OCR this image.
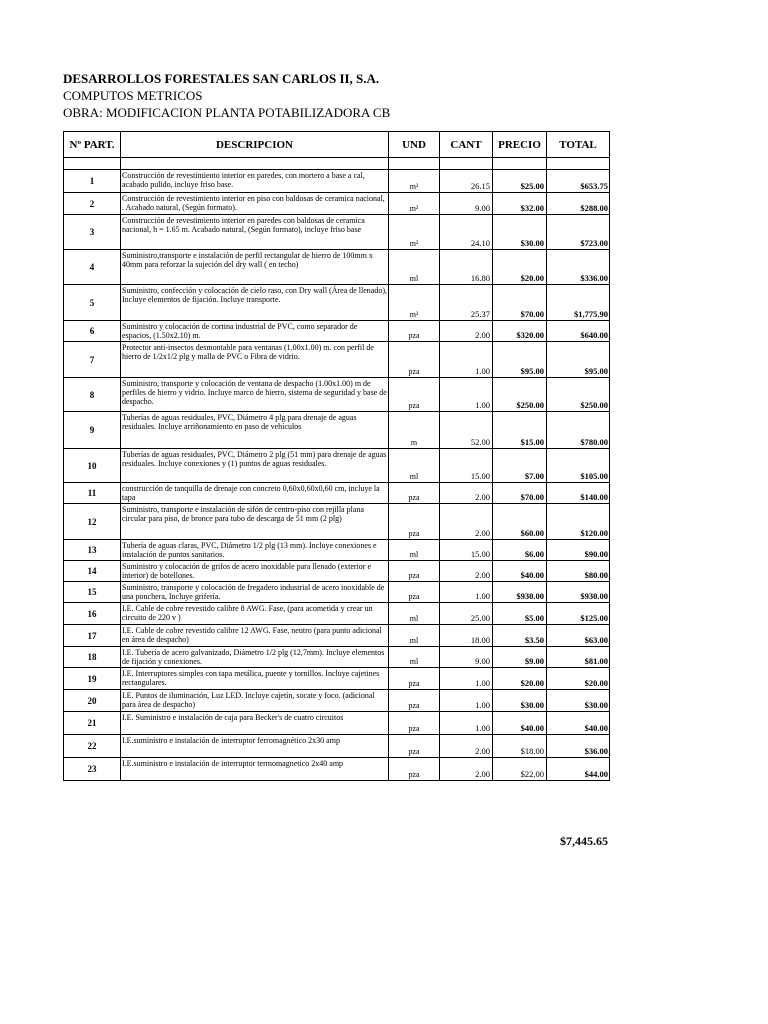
DESARROLLOS FORESTALES SAN CARLOS II, S.A.
COMPUTOS METRICOS
OBRA: MODIFICACION PLANTA POTABILIZADORA CB
Nº PART.	DESCRIPCION	UND	CANT	PRECIO	TOTAL

1	Construcción de revestimiento interior en paredes, con mortero a base a cal, acabado pulido, incluye friso base.	m²	26.15	$25.00	$653.75
2	Construcción de revestimiento interior en piso con baldosas de ceramica nacional, . Acabado natural, (Según formato).	m²	9.00	$32.00	$288.00
3	Construcción de revestimiento interior en paredes con baldosas de ceramica nacional, h = 1.65 m. Acabado natural, (Según formato), incluye friso base	m²	24.10	$30.00	$723.00
4	Suministro,transporte e instalación de perfil rectangular de hierro de 100mm x 40mm para reforzar la sujeción del dry wall ( en techo)	ml	16.80	$20.00	$336.00
5	Suministro, confección y colocación de cielo raso, con Dry wall (Área de llenado), Incluye elementos de fijación. Incluye transporte.	m²	25.37	$70.00	$1,775.90
6	Suministro y colocación de cortina industrial de PVC, como separador de espacios, (1.50x2.10) m.	pza	2.00	$320.00	$640.00
7	Protector anti-insectos desmontable para ventanas (1.00x1.00) m. con perfil de hierro de 1/2x1/2 plg y malla de PVC o Fibra de vidrio.	pza	1.00	$95.00	$95.00
8	Suministro, transporte y colocación de ventana de despacho (1.00x1.00) m de perfiles de hierro y vidrio. Incluye marco de hierro, sistema de seguridad y base de despacho.	pza	1.00	$250.00	$250.00
9	Tuberías de aguas residuales, PVC, Diámetro 4 plg para drenaje de aguas residuales. Incluye arriñonamiento en paso de vehículos	m	52.00	$15.00	$780.00
10	Tuberías de aguas residuales, PVC, Diámetro 2 plg (51 mm) para drenaje de aguas residuales. Incluye conexiones y (1) puntos de aguas residuales.	ml	15.00	$7.00	$105.00
11	construcción de tanquilla de drenaje con concreto 0,60x0,60x0,60 cm, incluye la tapa	pza	2.00	$70.00	$140.00
12	Suministro, transporte e instalación de sifón de centro-piso con rejilla plana circular para piso, de bronce para tubo de descarga de 51 mm (2 plg)	pza	2.00	$60.00	$120.00
13	Tubería de aguas claras, PVC, Diámetro 1/2 plg (13 mm). Incluye conexiones e instalación de puntos sanitarios.	ml	15.00	$6.00	$90.00
14	Suministro y colocación de grifos de acero inoxidable para llenado (exterior e interior) de botellones.	pza	2.00	$40.00	$80.00
15	Suministro, transporte y colocación de fregadero industrial de acero inoxidable de una ponchera, Incluye grifería.	pza	1.00	$930.00	$930.00
16	I.E. Cable de cobre revestido calibre 8 AWG. Fase, (para acometida y crear un circuito de 220 v )	ml	25.00	$5.00	$125.00
17	I.E. Cable de cobre revestido calibre 12 AWG. Fase, neutro (para punto adicional en área de despacho)	ml	18.00	$3.50	$63.00
18	I.E. Tubería de acero galvanizado, Diámetro 1/2 plg (12,7mm). Incluye elementos de fijación y conexiones.	ml	9.00	$9.00	$81.00
19	I.E. Interruptores simples con tapa metálica, puente y tornillos. Incluye cajetines rectangulares.	pza	1.00	$20.00	$20.00
20	I.E. Puntos de iluminación, Luz LED. Incluye cajetín, socate y foco. (adicional para área de despacho)	pza	1.00	$30.00	$30.00
21	I.E. Suministro e instalación de caja para Becker's de cuatro circuitos	pza	1.00	$40.00	$40.00
22	I.E.suministro e instalación de interruptor ferromagnético 2x30 amp	pza	2.00	$18.00	$36.00
23	I.E.suministro e instalación de interruptor termomagnetico 2x40 amp	pza	2.00	$22.00	$44.00
$7,445.65
